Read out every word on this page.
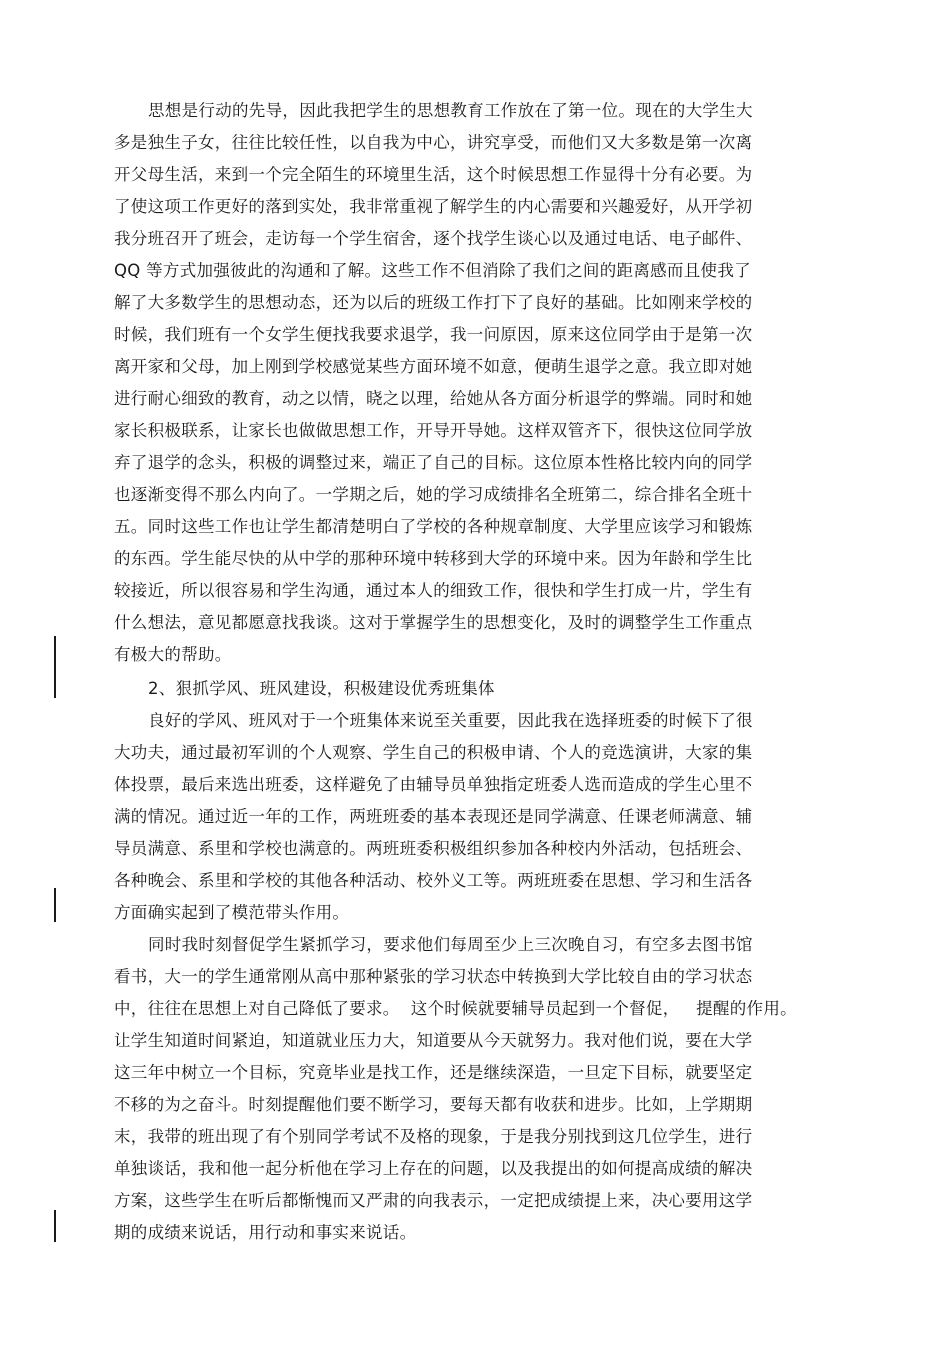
思想是行动的先导，因此我把学生的思想教育工作放在了第一位。现在的大学生大
多是独生子女，往往比较任性，以自我为中心，讲究享受，而他们又大多数是第一次离
开父母生活，来到一个完全陌生的环境里生活，这个时候思想工作显得十分有必要。为
了使这项工作更好的落到实处，我非常重视了解学生的内心需要和兴趣爱好，从开学初
我分班召开了班会，走访每一个学生宿舍，逐个找学生谈心以及通过电话、电子邮件、
QQ 等方式加强彼此的沟通和了解。这些工作不但消除了我们之间的距离感而且使我了
解了大多数学生的思想动态，还为以后的班级工作打下了良好的基础。比如刚来学校的
时候，我们班有一个女学生便找我要求退学，我一问原因，原来这位同学由于是第一次
离开家和父母，加上刚到学校感觉某些方面环境不如意，便萌生退学之意。我立即对她
进行耐心细致的教育，动之以情，晓之以理，给她从各方面分析退学的弊端。同时和她
家长积极联系，让家长也做做思想工作，开导开导她。这样双管齐下，很快这位同学放
弃了退学的念头，积极的调整过来，端正了自己的目标。这位原本性格比较内向的同学
也逐渐变得不那么内向了。一学期之后，她的学习成绩排名全班第二，综合排名全班十
五。同时这些工作也让学生都清楚明白了学校的各种规章制度、大学里应该学习和锻炼
的东西。学生能尽快的从中学的那种环境中转移到大学的环境中来。因为年龄和学生比
较接近，所以很容易和学生沟通，通过本人的细致工作，很快和学生打成一片，学生有
什么想法，意见都愿意找我谈。这对于掌握学生的思想变化，及时的调整学生工作重点
有极大的帮助。
2、狠抓学风、班风建设，积极建设优秀班集体
良好的学风、班风对于一个班集体来说至关重要，因此我在选择班委的时候下了很
大功夫，通过最初军训的个人观察、学生自己的积极申请、个人的竞选演讲，大家的集
体投票，最后来选出班委，这样避免了由辅导员单独指定班委人选而造成的学生心里不
满的情况。通过近一年的工作，两班班委的基本表现还是同学满意、任课老师满意、辅
导员满意、系里和学校也满意的。两班班委积极组织参加各种校内外活动，包括班会、
各种晚会、系里和学校的其他各种活动、校外义工等。两班班委在思想、学习和生活各
方面确实起到了模范带头作用。
同时我时刻督促学生紧抓学习，要求他们每周至少上三次晚自习，有空多去图书馆
看书，大一的学生通常刚从高中那种紧张的学习状态中转换到大学比较自由的学习状态
中，往往在思想上对自己降低了要求。  这个时候就要辅导员起到一个督促，   提醒的作用。
让学生知道时间紧迫，知道就业压力大，知道要从今天就努力。我对他们说，要在大学
这三年中树立一个目标，究竟毕业是找工作，还是继续深造，一旦定下目标，就要坚定
不移的为之奋斗。时刻提醒他们要不断学习，要每天都有收获和进步。比如，上学期期
末，我带的班出现了有个别同学考试不及格的现象，于是我分别找到这几位学生，进行
单独谈话，我和他一起分析他在学习上存在的问题，以及我提出的如何提高成绩的解决
方案，这些学生在听后都惭愧而又严肃的向我表示，一定把成绩提上来，决心要用这学
期的成绩来说话，用行动和事实来说话。
